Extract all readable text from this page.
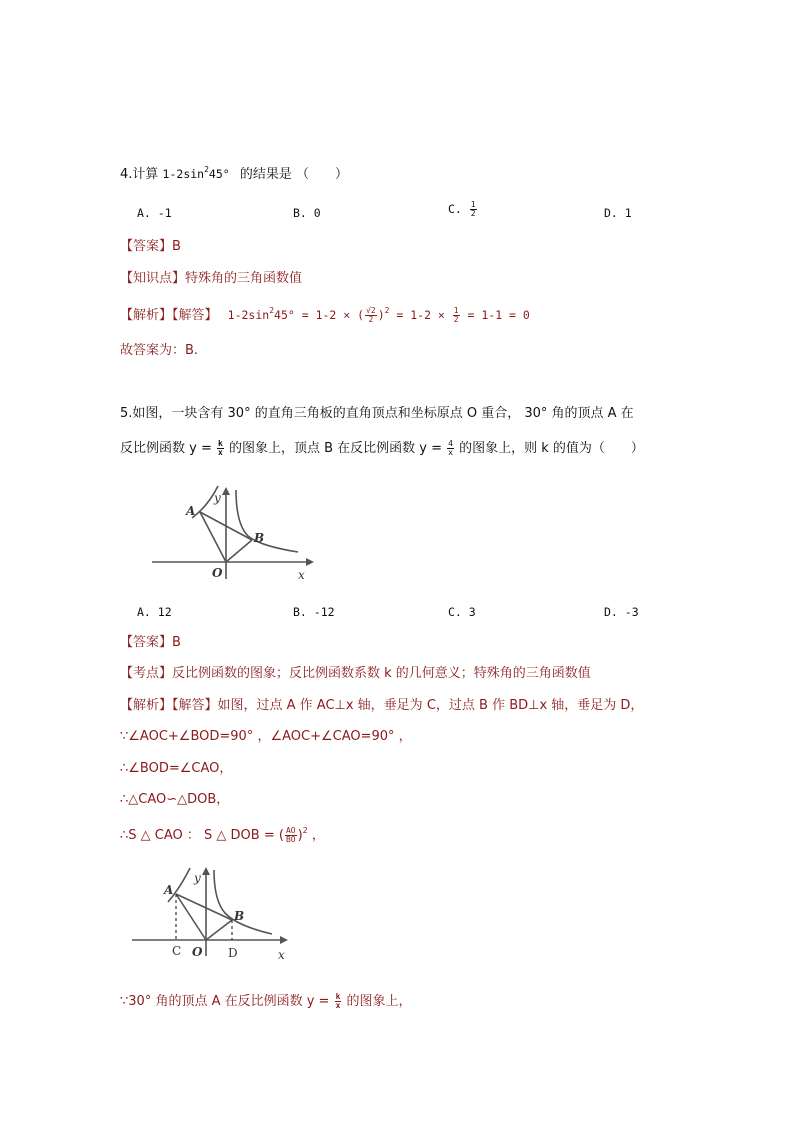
4.计算 $1-2\sin^245^\circ$ 的结果是 （　　）
A. -1	B. 0	C. $\frac{1}{2}$	D. 1
【答案】B
【知识点】特殊角的三角函数值
【解析】【解答】 $1-2\sin^245^\circ = 1-2$ × ( $\frac{√2}{2} )^2 = 1-2 \times \frac{1}{2} = 1-1 = 0$
故答案为：B.
5.如图，一块含有 30° 的直角三角板的直角顶点和坐标原点 O 重合， 30° 角的顶点 A 在
反比例函数 $y = \frac{k}{x}$ 的图象上，顶点 B 在反比例函数 $y = \frac{4}{x}$ 的图象上，则 k 的值为（　　）
A
y
B
O	x
A. 12	B. -12	C. 3	D. -3
【答案】B
【考点】反比例函数的图象；反比例函数系数 k 的几何意义；特殊角的三角函数值
【解析】【解答】如图，过点 A 作 AC⊥x 轴，垂足为 C，过点 B 作 BD⊥x 轴，垂足为 D，
∵∠AOC+∠BOD=90° ，∠AOC+∠CAO=90° ，
∴∠BOD=∠CAO，
∴△CAO∽△DOB，
∴S △ CAO ： S △ DOB = ( $\frac{AO}{BO} )^2$ ，
A
y
B
O
C	D	x
∵30° 角的顶点 A 在反比例函数 $y = \frac{k}{x}$ 的图象上，
